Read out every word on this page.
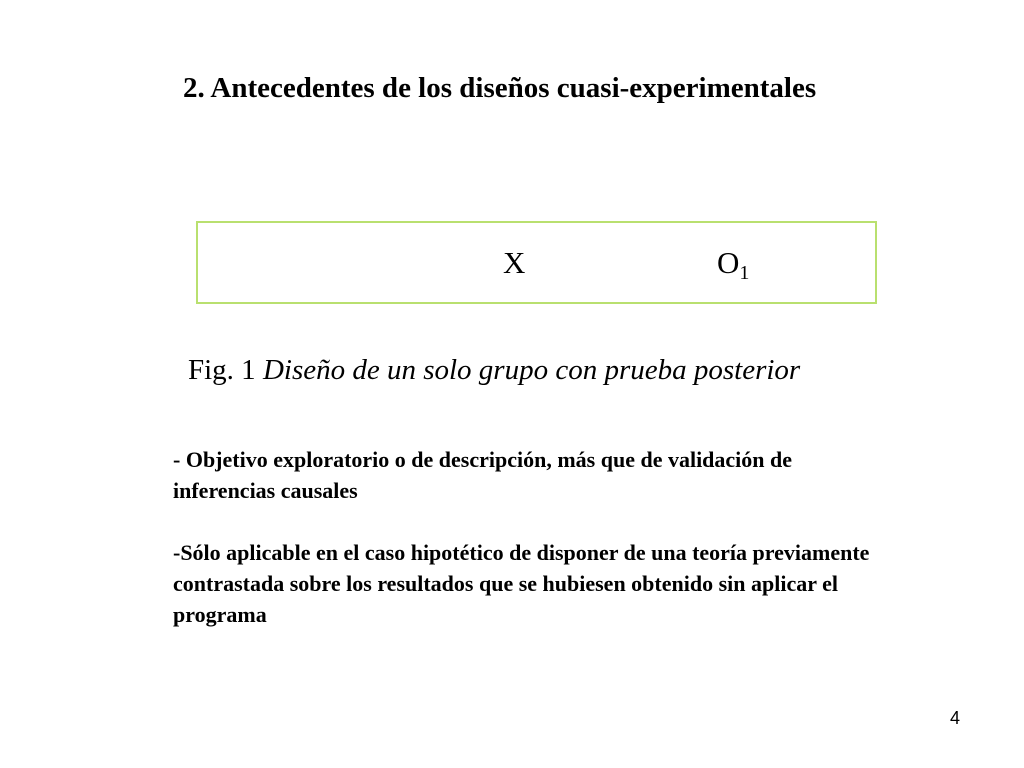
2. Antecedentes de los diseños cuasi-experimentales
X	$O_1$
Fig. 1 Diseño de un solo grupo con prueba posterior

- Objetivo exploratorio o de descripción, más que de validación de inferencias causales

-Sólo aplicable en el caso hipotético de disponer de una teoría previamente contrastada sobre los resultados que se hubiesen obtenido sin aplicar el programa

4
